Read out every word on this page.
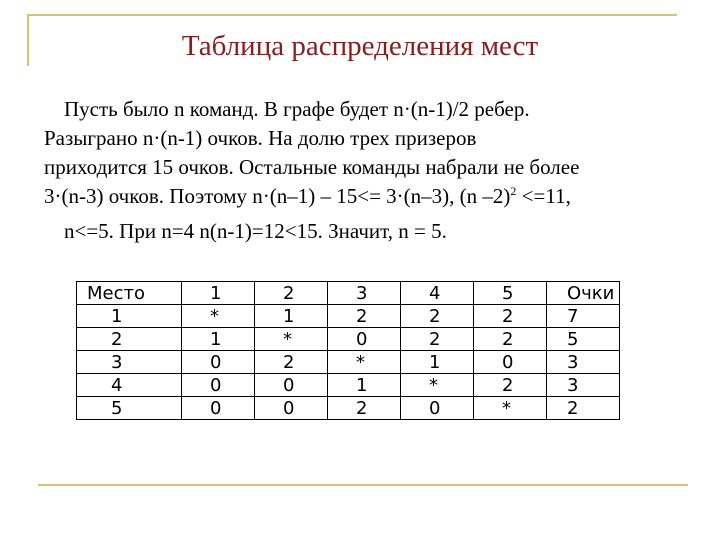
Таблица распределения мест
Пусть было n команд. В графе будет n·(n-1)/2 ребер.
Разыграно n·(n-1) очков. На долю трех призеров
приходится 15 очков. Остальные команды набрали не более
3·(n-3) очков. Поэтому n·(n–1) – 15<= 3·(n–3), (n –2)$^2$ <=11,
n<=5. При n=4 n(n-1)=12<15. Значит, n = 5.
Место	1	2	3	4	5	Очки
1	*	1	2	2	2	7
2	1	*	0	2	2	5
3	0	2	*	1	0	3
4	0	0	1	*	2	3
5	0	0	2	0	*	2
